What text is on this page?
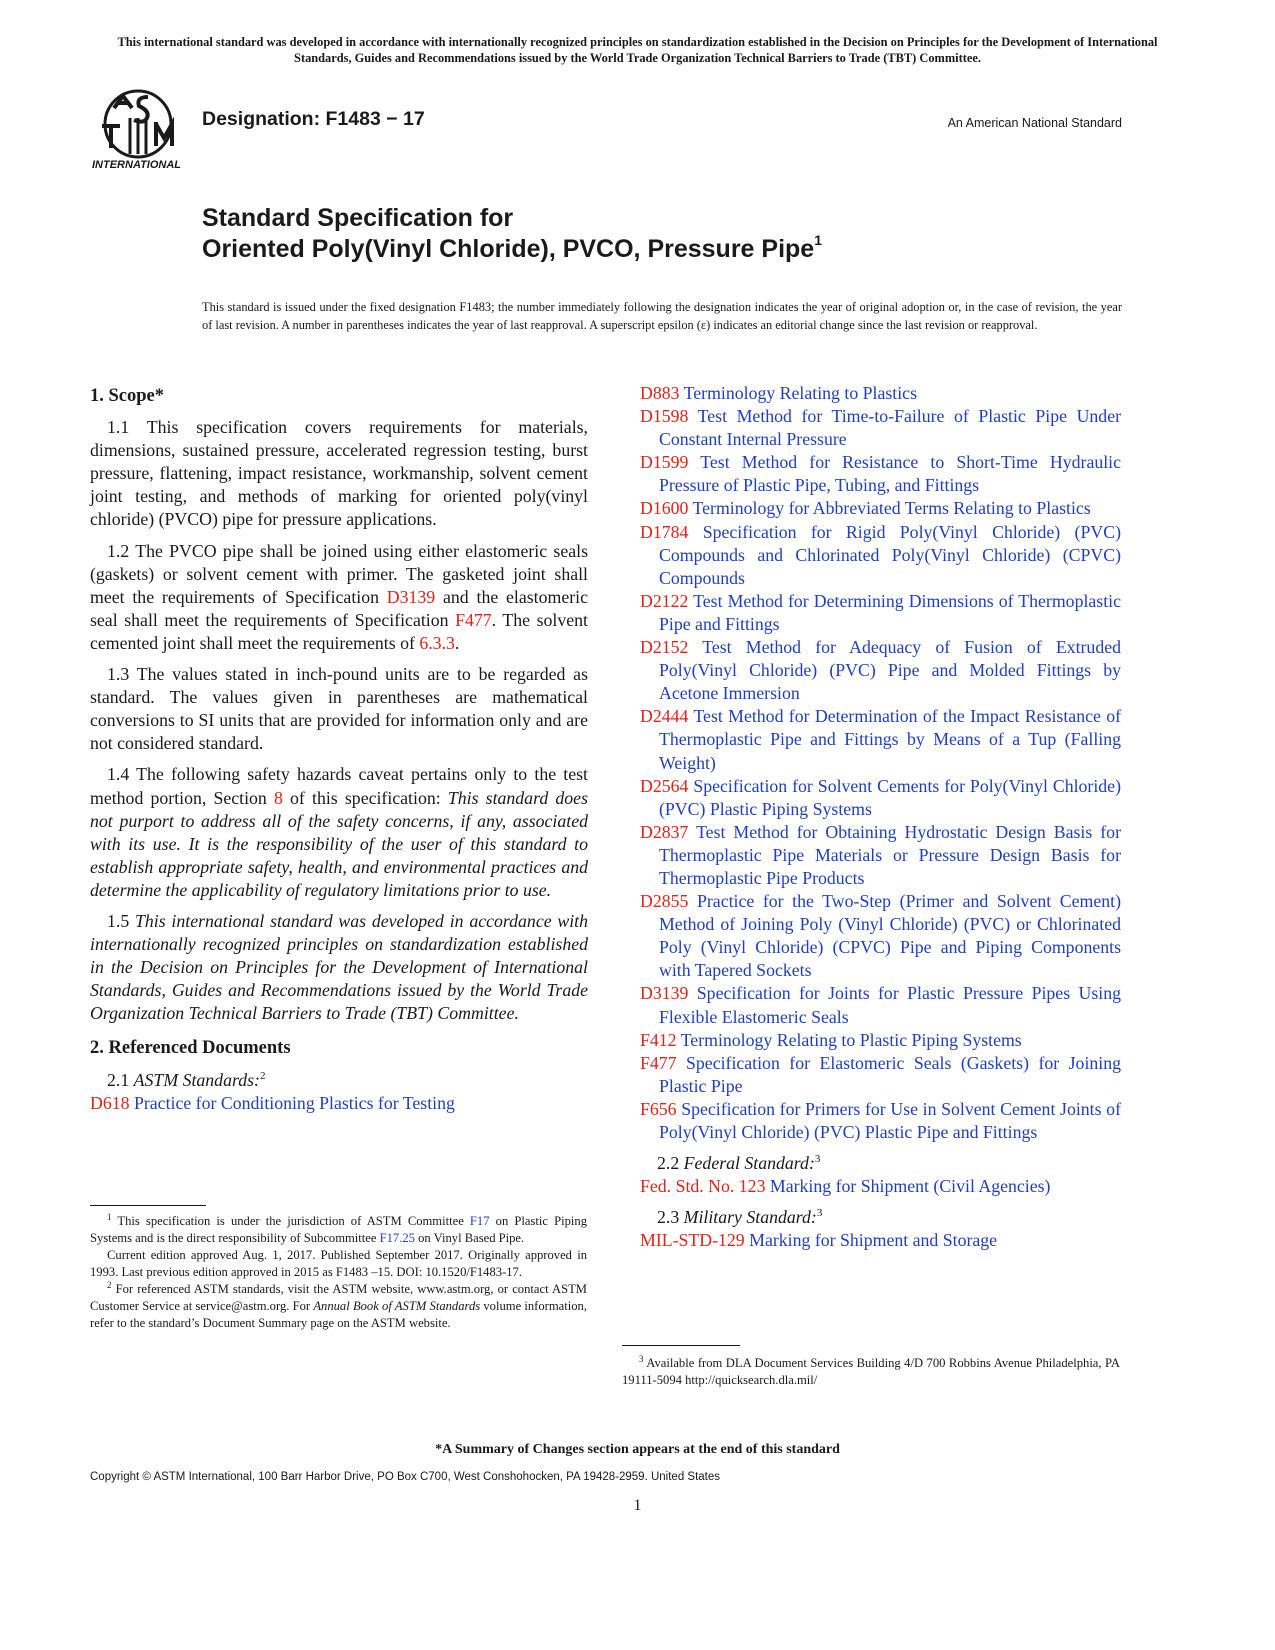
This international standard was developed in accordance with internationally recognized principles on standardization established in the Decision on Principles for the Development of International Standards, Guides and Recommendations issued by the World Trade Organization Technical Barriers to Trade (TBT) Committee.
INTERNATIONAL
Designation: F1483 − 17	An American National Standard
Standard Specification for
Oriented Poly(Vinyl Chloride), PVCO, Pressure Pipe$^1$
This standard is issued under the fixed designation F1483; the number immediately following the designation indicates the year of original adoption or, in the case of revision, the year of last revision. A number in parentheses indicates the year of last reapproval. A superscript epsilon (ε) indicates an editorial change since the last revision or reapproval.
1. Scope*
1.1 This specification covers requirements for materials, dimensions, sustained pressure, accelerated regression testing, burst pressure, flattening, impact resistance, workmanship, solvent cement joint testing, and methods of marking for oriented poly(vinyl chloride) (PVCO) pipe for pressure applications.
1.2 The PVCO pipe shall be joined using either elastomeric seals (gaskets) or solvent cement with primer. The gasketed joint shall meet the requirements of Specification D3139 and the elastomeric seal shall meet the requirements of Specification F477. The solvent cemented joint shall meet the requirements of 6.3.3.
1.3 The values stated in inch-pound units are to be regarded as standard. The values given in parentheses are mathematical conversions to SI units that are provided for information only and are not considered standard.
1.4 The following safety hazards caveat pertains only to the test method portion, Section 8 of this specification: This standard does not purport to address all of the safety concerns, if any, associated with its use. It is the responsibility of the user of this standard to establish appropriate safety, health, and environmental practices and determine the applicability of regulatory limitations prior to use.
1.5 This international standard was developed in accordance with internationally recognized principles on standardization established in the Decision on Principles for the Development of International Standards, Guides and Recommendations issued by the World Trade Organization Technical Barriers to Trade (TBT) Committee.
2. Referenced Documents
2.1 ASTM Standards:$^2$
D618 Practice for Conditioning Plastics for Testing
D883 Terminology Relating to Plastics
D1598 Test Method for Time-to-Failure of Plastic Pipe Under Constant Internal Pressure
D1599 Test Method for Resistance to Short-Time Hydraulic Pressure of Plastic Pipe, Tubing, and Fittings
D1600 Terminology for Abbreviated Terms Relating to Plastics
D1784 Specification for Rigid Poly(Vinyl Chloride) (PVC) Compounds and Chlorinated Poly(Vinyl Chloride) (CPVC) Compounds
D2122 Test Method for Determining Dimensions of Thermoplastic Pipe and Fittings
D2152 Test Method for Adequacy of Fusion of Extruded Poly(Vinyl Chloride) (PVC) Pipe and Molded Fittings by Acetone Immersion
D2444 Test Method for Determination of the Impact Resistance of Thermoplastic Pipe and Fittings by Means of a Tup (Falling Weight)
D2564 Specification for Solvent Cements for Poly(Vinyl Chloride) (PVC) Plastic Piping Systems
D2837 Test Method for Obtaining Hydrostatic Design Basis for Thermoplastic Pipe Materials or Pressure Design Basis for Thermoplastic Pipe Products
D2855 Practice for the Two-Step (Primer and Solvent Cement) Method of Joining Poly (Vinyl Chloride) (PVC) or Chlorinated Poly (Vinyl Chloride) (CPVC) Pipe and Piping Components with Tapered Sockets
D3139 Specification for Joints for Plastic Pressure Pipes Using Flexible Elastomeric Seals
F412 Terminology Relating to Plastic Piping Systems
F477 Specification for Elastomeric Seals (Gaskets) for Joining Plastic Pipe
F656 Specification for Primers for Use in Solvent Cement Joints of Poly(Vinyl Chloride) (PVC) Plastic Pipe and Fittings
2.2 Federal Standard:$^3$
Fed. Std. No. 123 Marking for Shipment (Civil Agencies)
2.3 Military Standard:$^3$
MIL-STD-129 Marking for Shipment and Storage

$^1$ This specification is under the jurisdiction of ASTM Committee F17 on Plastic Piping Systems and is the direct responsibility of Subcommittee F17.25 on Vinyl Based Pipe.

Current edition approved Aug. 1, 2017. Published September 2017. Originally approved in 1993. Last previous edition approved in 2015 as F1483 –15. DOI: 10.1520/F1483-17.

$^2$ For referenced ASTM standards, visit the ASTM website, www.astm.org, or contact ASTM Customer Service at service@astm.org. For Annual Book of ASTM Standards volume information, refer to the standard’s Document Summary page on the ASTM website.

$^3$ Available from DLA Document Services Building 4/D 700 Robbins Avenue Philadelphia, PA 19111-5094 http://quicksearch.dla.mil/

*A Summary of Changes section appears at the end of this standard
Copyright © ASTM International, 100 Barr Harbor Drive, PO Box C700, West Conshohocken, PA 19428-2959. United States
1
